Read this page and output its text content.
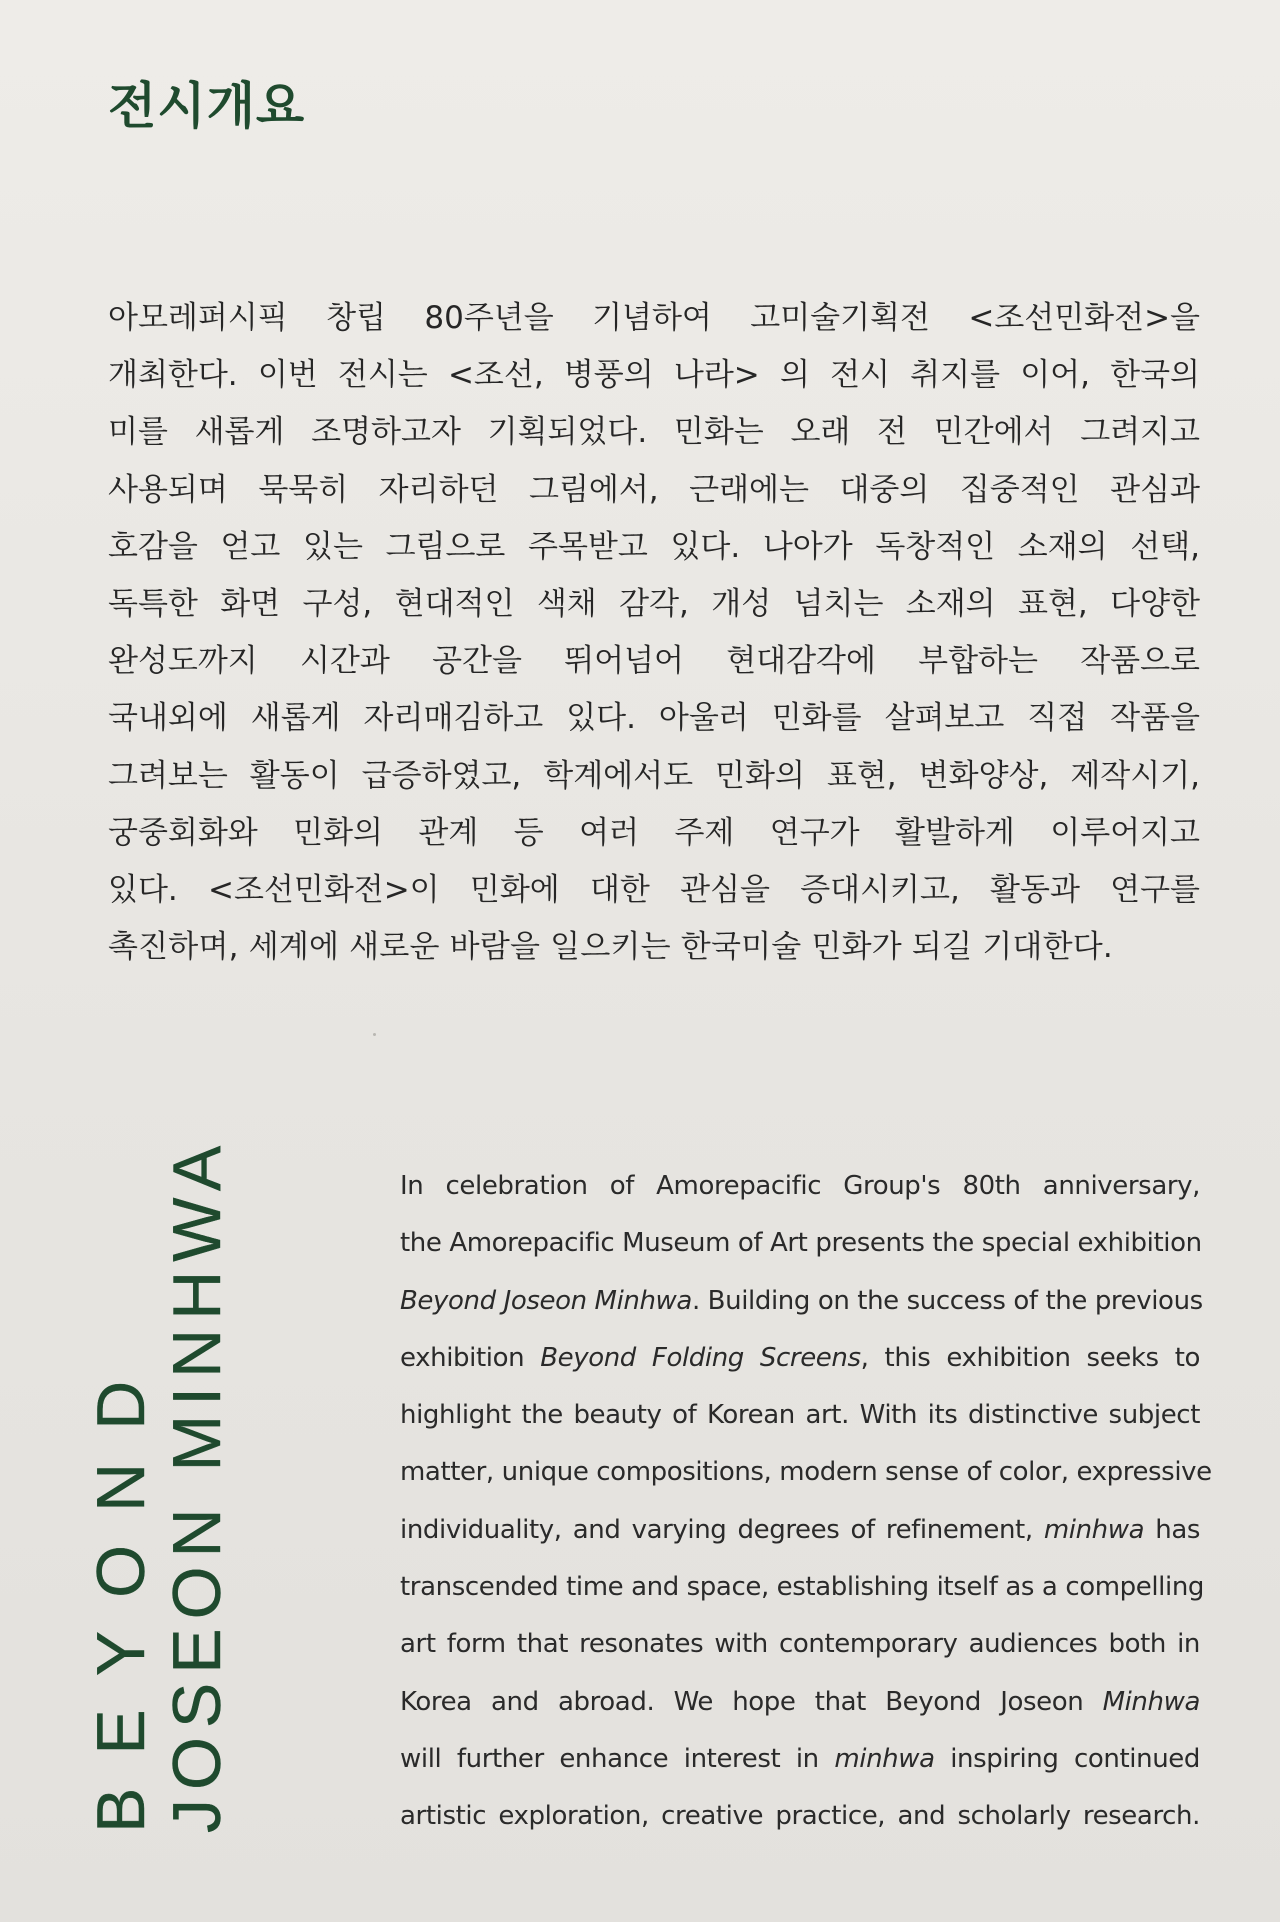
전시개요
아모레퍼시픽 창립 80주년을 기념하여 고미술기획전 <조선민화전>을
개최한다. 이번 전시는 <조선, 병풍의 나라> 의 전시 취지를 이어, 한국의
미를 새롭게 조명하고자 기획되었다. 민화는 오래 전 민간에서 그려지고
사용되며 묵묵히 자리하던 그림에서, 근래에는 대중의 집중적인 관심과
호감을 얻고 있는 그림으로 주목받고 있다. 나아가 독창적인 소재의 선택,
독특한 화면 구성, 현대적인 색채 감각, 개성 넘치는 소재의 표현, 다양한
완성도까지 시간과 공간을 뛰어넘어 현대감각에 부합하는 작품으로
국내외에 새롭게 자리매김하고 있다. 아울러 민화를 살펴보고 직접 작품을
그려보는 활동이 급증하였고, 학계에서도 민화의 표현, 변화양상, 제작시기,
궁중회화와 민화의 관계 등 여러 주제 연구가 활발하게 이루어지고
있다. <조선민화전>이 민화에 대한 관심을 증대시키고, 활동과 연구를
촉진하며, 세계에 새로운 바람을 일으키는 한국미술 민화가 되길 기대한다.
BEYOND JOSEON MINHWA	In celebration of Amorepacific Group's 80th anniversary,
the Amorepacific Museum of Art presents the special exhibition
Beyond Joseon Minhwa. Building on the success of the previous
exhibition Beyond Folding Screens, this exhibition seeks to
highlight the beauty of Korean art. With its distinctive subject
matter, unique compositions, modern sense of color, expressive
individuality, and varying degrees of refinement, minhwa has
transcended time and space, establishing itself as a compelling
art form that resonates with contemporary audiences both in
Korea and abroad. We hope that Beyond Joseon Minhwa
will further enhance interest in minhwa inspiring continued
artistic exploration, creative practice, and scholarly research.
